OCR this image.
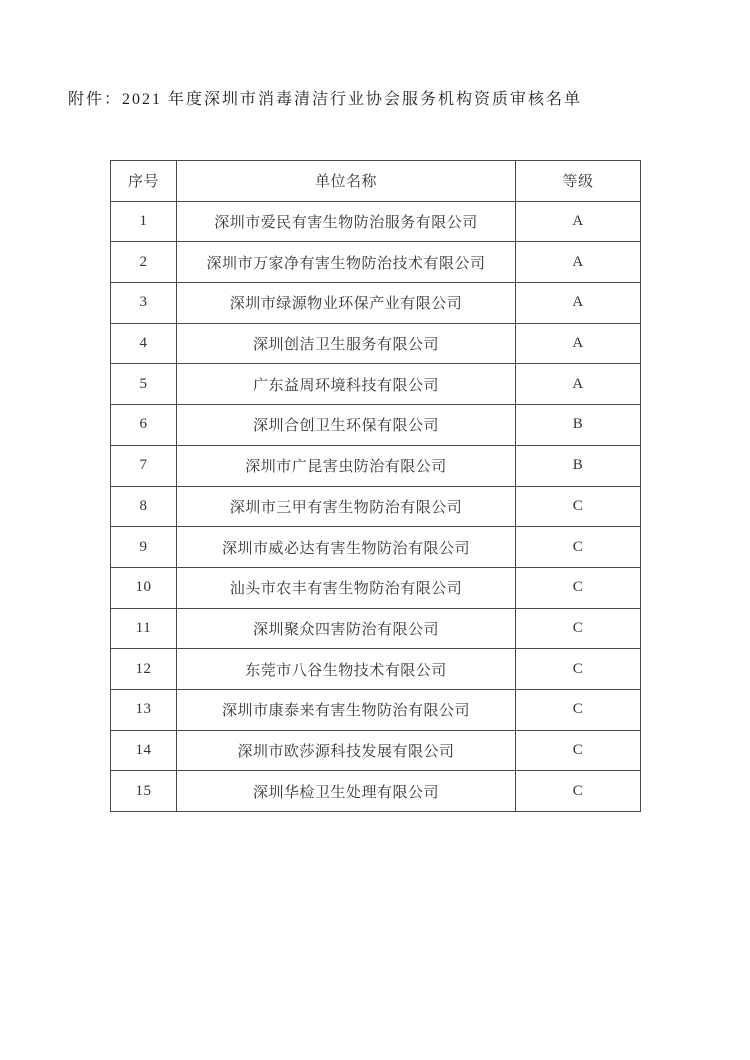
附件：2021 年度深圳市消毒清洁行业协会服务机构资质审核名单
序号	单位名称	等级
1	深圳市爱民有害生物防治服务有限公司	A
2	深圳市万家净有害生物防治技术有限公司	A
3	深圳市绿源物业环保产业有限公司	A
4	深圳创洁卫生服务有限公司	A
5	广东益周环境科技有限公司	A
6	深圳合创卫生环保有限公司	B
7	深圳市广昆害虫防治有限公司	B
8	深圳市三甲有害生物防治有限公司	C
9	深圳市威必达有害生物防治有限公司	C
10	汕头市农丰有害生物防治有限公司	C
11	深圳聚众四害防治有限公司	C
12	东莞市八谷生物技术有限公司	C
13	深圳市康泰来有害生物防治有限公司	C
14	深圳市欧莎源科技发展有限公司	C
15	深圳华检卫生处理有限公司	C
